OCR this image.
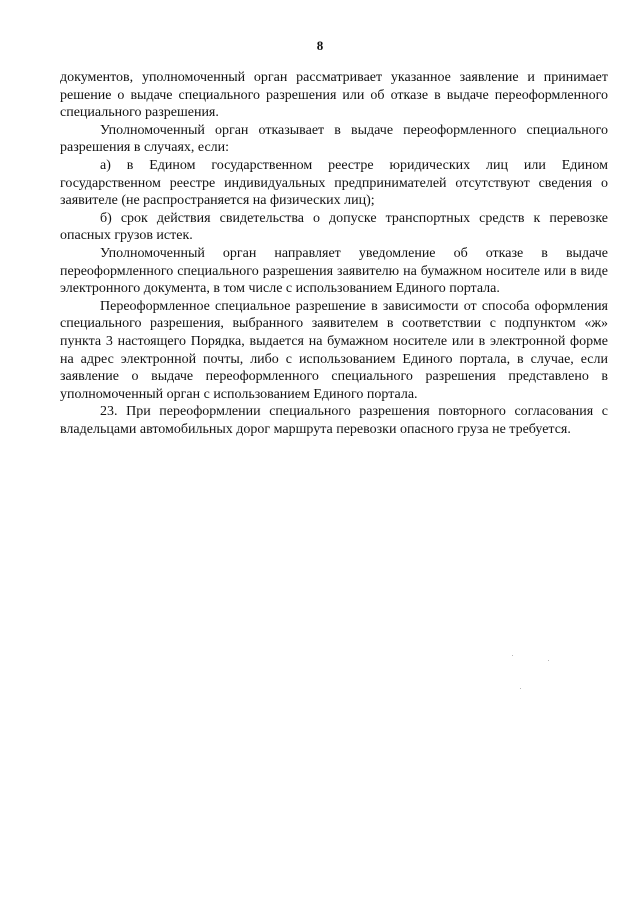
8

документов, уполномоченный орган рассматривает указанное заявление и принимает решение о выдаче специального разрешения или об отказе в выдаче переоформленного специального разрешения.

Уполномоченный орган отказывает в выдаче переоформленного специального разрешения в случаях, если:

а) в Едином государственном реестре юридических лиц или Едином государственном реестре индивидуальных предпринимателей отсутствуют сведения о заявителе (не распространяется на физических лиц);

б) срок действия свидетельства о допуске транспортных средств к перевозке опасных грузов истек.

Уполномоченный орган направляет уведомление об отказе в выдаче переоформленного специального разрешения заявителю на бумажном носителе или в виде электронного документа, в том числе с использованием Единого портала.

Переоформленное специальное разрешение в зависимости от способа оформления специального разрешения, выбранного заявителем в соответствии с подпунктом «ж» пункта 3 настоящего Порядка, выдается на бумажном носителе или в электронной форме на адрес электронной почты, либо с использованием Единого портала, в случае, если заявление о выдаче переоформленного специального разрешения представлено в уполномоченный орган с использованием Единого портала.

23. При переоформлении специального разрешения повторного согласования с владельцами автомобильных дорог маршрута перевозки опасного груза не требуется.
